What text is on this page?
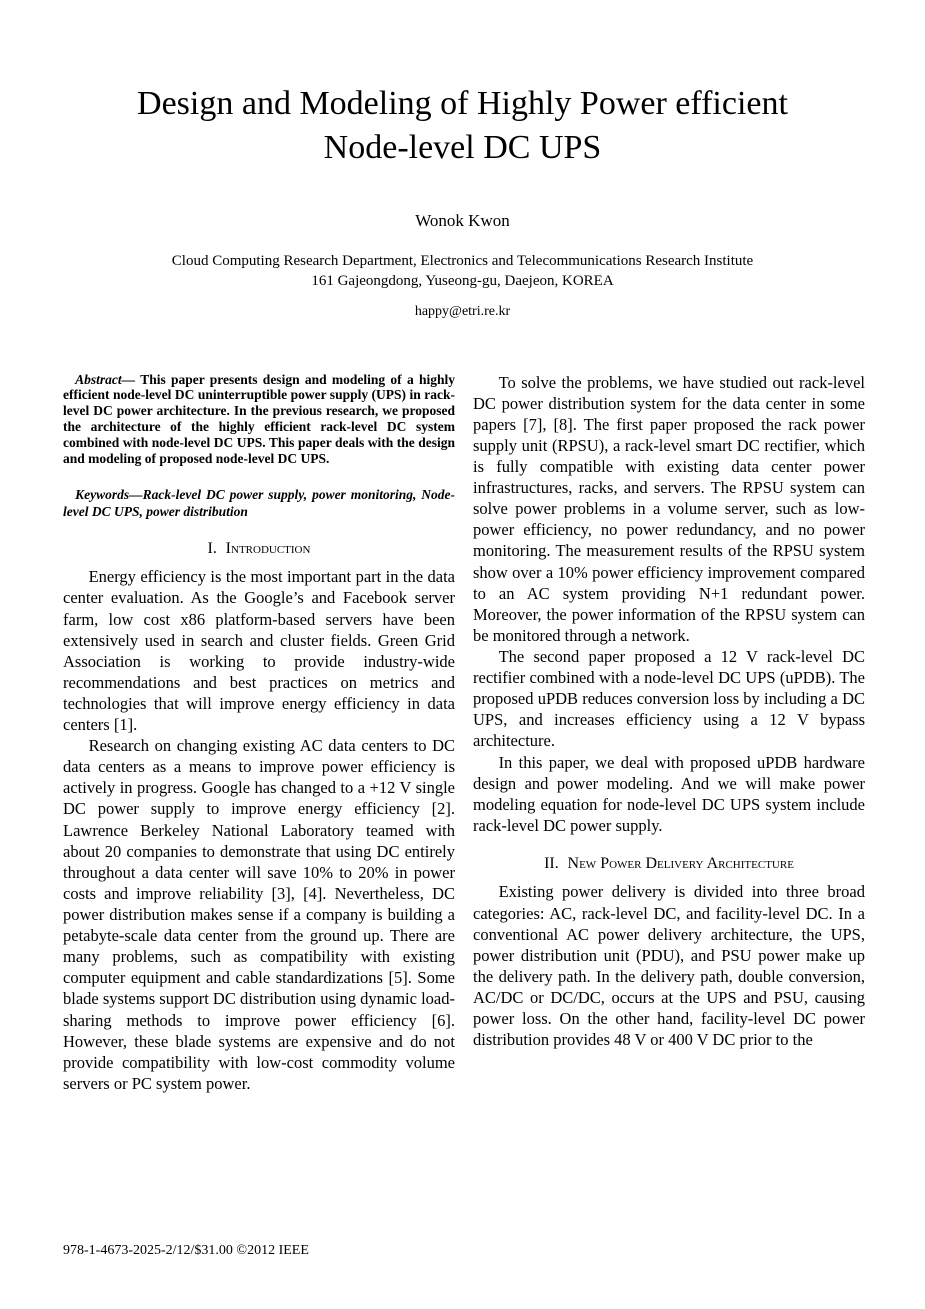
Design and Modeling of Highly Power efficient
Node-level DC UPS
Wonok Kwon
Cloud Computing Research Department, Electronics and Telecommunications Research Institute
161 Gajeongdong, Yuseong-gu, Daejeon, KOREA
happy@etri.re.kr

Abstract— This paper presents design and modeling of a highly efficient node-level DC uninterruptible power supply (UPS) in rack-level DC power architecture. In the previous research, we proposed the architecture of the highly efficient rack-level DC system combined with node-level DC UPS. This paper deals with the design and modeling of proposed node-level DC UPS.

Keywords—Rack-level DC power supply, power monitoring, Node-level DC UPS, power distribution

I. Introduction

Energy efficiency is the most important part in the data center evaluation. As the Google’s and Facebook server farm, low cost x86 platform-based servers have been extensively used in search and cluster fields. Green Grid Association is working to provide industry-wide recommendations and best practices on metrics and technologies that will improve energy efficiency in data centers [1].

Research on changing existing AC data centers to DC data centers as a means to improve power efficiency is actively in progress. Google has changed to a +12 V single DC power supply to improve energy efficiency [2]. Lawrence Berkeley National Laboratory teamed with about 20 companies to demonstrate that using DC entirely throughout a data center will save 10% to 20% in power costs and improve reliability [3], [4]. Nevertheless, DC power distribution makes sense if a company is building a petabyte-scale data center from the ground up. There are many problems, such as compatibility with existing computer equipment and cable standardizations [5]. Some blade systems support DC distribution using dynamic load-sharing methods to improve power efficiency [6]. However, these blade systems are expensive and do not provide compatibility with low-cost commodity volume servers or PC system power.

To solve the problems, we have studied out rack-level DC power distribution system for the data center in some papers [7], [8]. The first paper proposed the rack power supply unit (RPSU), a rack-level smart DC rectifier, which is fully compatible with existing data center power infrastructures, racks, and servers. The RPSU system can solve power problems in a volume server, such as low-power efficiency, no power redundancy, and no power monitoring. The measurement results of the RPSU system show over a 10% power efficiency improvement compared to an AC system providing N+1 redundant power. Moreover, the power information of the RPSU system can be monitored through a network.

The second paper proposed a 12 V rack-level DC rectifier combined with a node-level DC UPS (uPDB). The proposed uPDB reduces conversion loss by including a DC UPS, and increases efficiency using a 12 V bypass architecture.

In this paper, we deal with proposed uPDB hardware design and power modeling. And we will make power modeling equation for node-level DC UPS system include rack-level DC power supply.

II. New Power Delivery Architecture

Existing power delivery is divided into three broad categories: AC, rack-level DC, and facility-level DC. In a conventional AC power delivery architecture, the UPS, power distribution unit (PDU), and PSU power make up the delivery path. In the delivery path, double conversion, AC/DC or DC/DC, occurs at the UPS and PSU, causing power loss. On the other hand, facility-level DC power distribution provides 48 V or 400 V DC prior to the

978-1-4673-2025-2/12/$31.00 ©2012 IEEE
